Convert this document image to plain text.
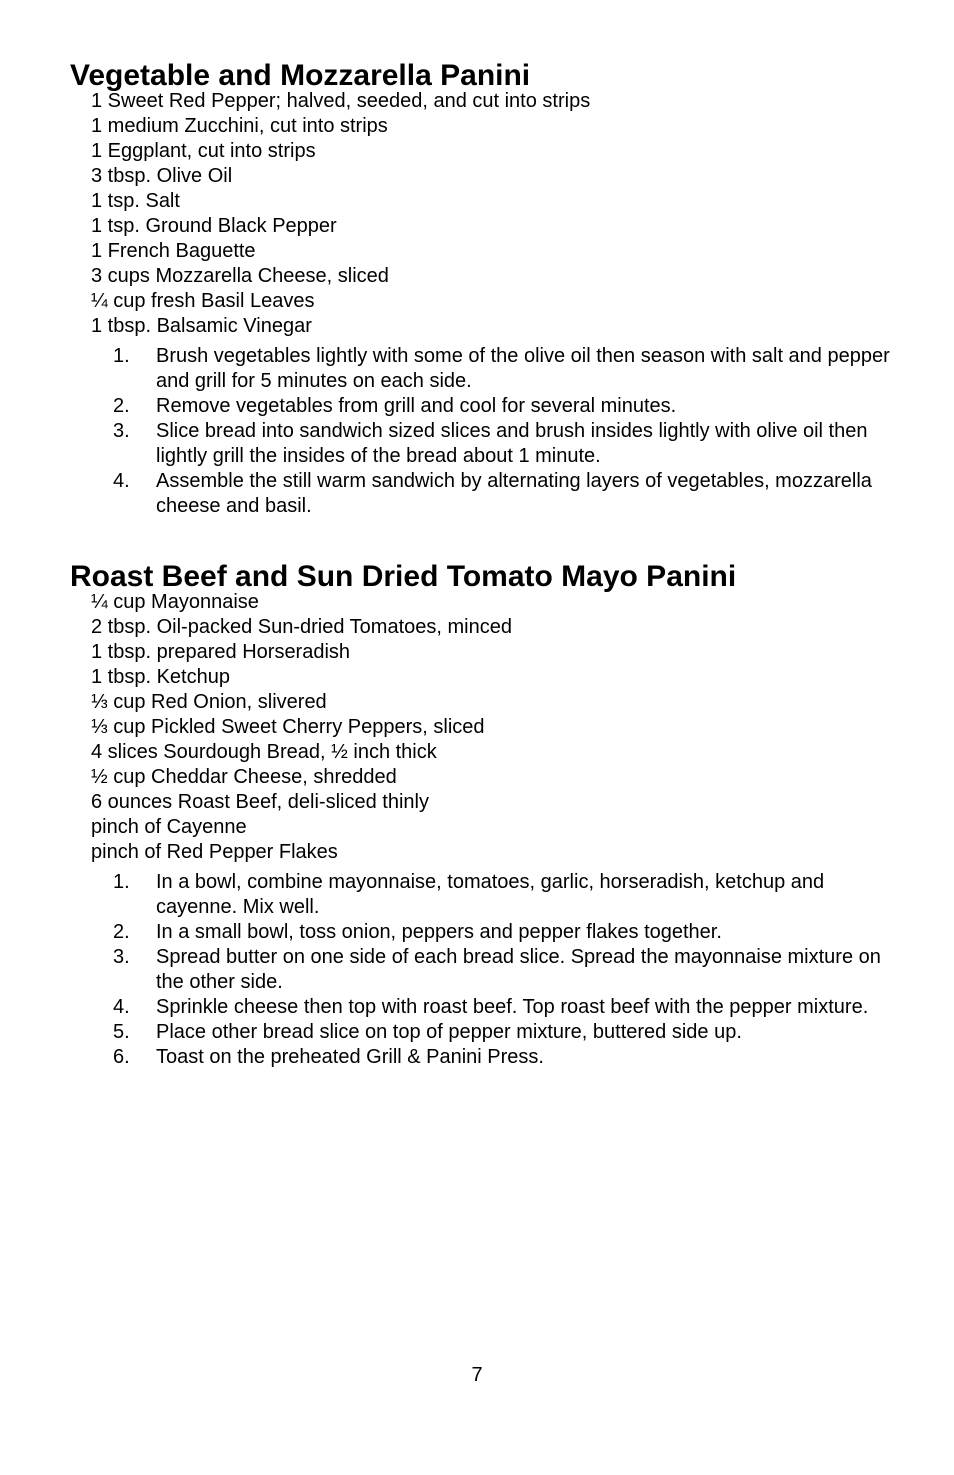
Vegetable and Mozzarella Panini
1 Sweet Red Pepper; halved, seeded, and cut into strips
1 medium Zucchini, cut into strips
1 Eggplant, cut into strips
3 tbsp. Olive Oil
1 tsp. Salt
1 tsp. Ground Black Pepper
1 French Baguette
3 cups Mozzarella Cheese, sliced
¼ cup fresh Basil Leaves
1 tbsp. Balsamic Vinegar
1. Brush vegetables lightly with some of the olive oil then season with salt and pepper and grill for 5 minutes on each side.
2. Remove vegetables from grill and cool for several minutes.
3. Slice bread into sandwich sized slices and brush insides lightly with olive oil then lightly grill the insides of the bread about 1 minute.
4. Assemble the still warm sandwich by alternating layers of vegetables, mozzarella cheese and basil.
Roast Beef and Sun Dried Tomato Mayo Panini
¼ cup Mayonnaise
2 tbsp. Oil-packed Sun-dried Tomatoes, minced
1 tbsp. prepared Horseradish
1 tbsp. Ketchup
⅓ cup Red Onion, slivered
⅓ cup Pickled Sweet Cherry Peppers, sliced
4 slices Sourdough Bread, ½ inch thick
½ cup Cheddar Cheese, shredded
6 ounces Roast Beef, deli-sliced thinly
pinch of Cayenne
pinch of Red Pepper Flakes
1. In a bowl, combine mayonnaise, tomatoes, garlic, horseradish, ketchup and cayenne. Mix well.
2. In a small bowl, toss onion, peppers and pepper flakes together.
3. Spread butter on one side of each bread slice. Spread the mayonnaise mixture on the other side.
4. Sprinkle cheese then top with roast beef. Top roast beef with the pepper mixture.
5. Place other bread slice on top of pepper mixture, buttered side up.
6. Toast on the preheated Grill & Panini Press.
7
